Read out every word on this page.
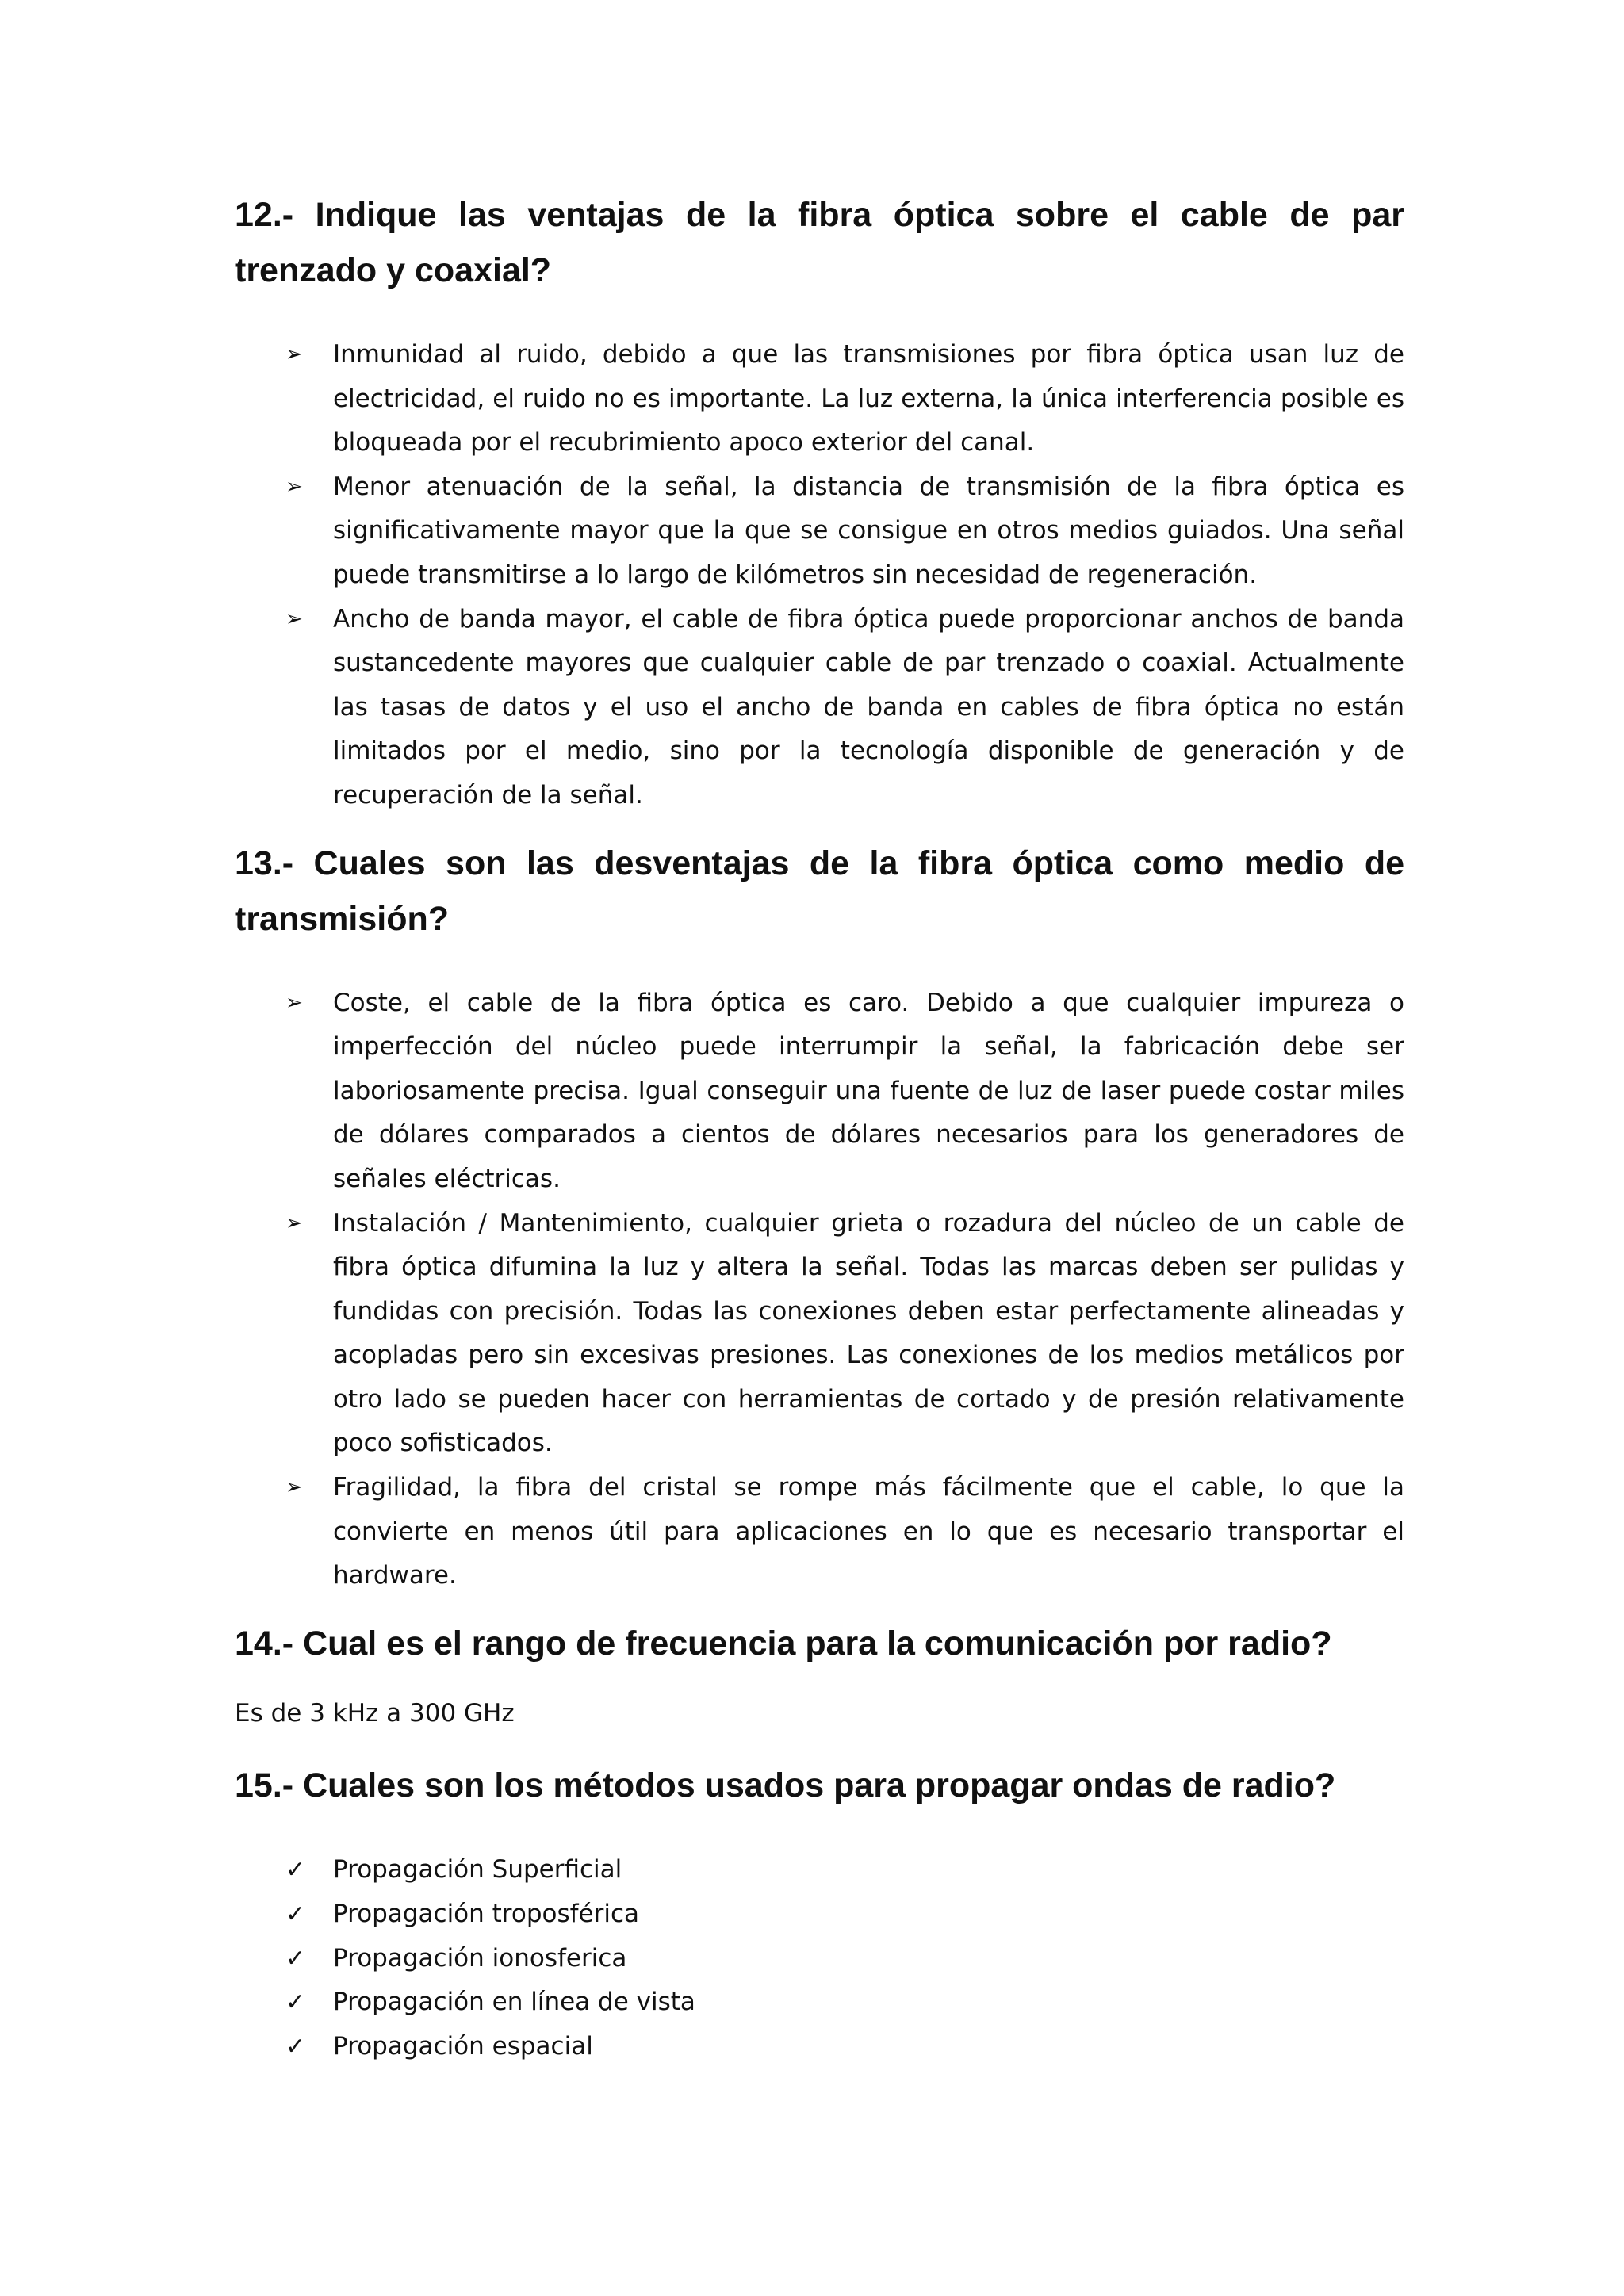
12.- Indique las ventajas de la fibra óptica sobre el cable de par trenzado y coaxial?
➢ Inmunidad al ruido, debido a que las transmisiones por fibra óptica usan luz de electricidad, el ruido no es importante. La luz externa, la única interferencia posible es bloqueada por el recubrimiento apoco exterior del canal.
➢ Menor atenuación de la señal, la distancia de transmisión de la fibra óptica es significativamente mayor que la que se consigue en otros medios guiados. Una señal puede transmitirse a lo largo de kilómetros sin necesidad de regeneración.
➢ Ancho de banda mayor, el cable de fibra óptica puede proporcionar anchos de banda sustancedente mayores que cualquier cable de par trenzado o coaxial. Actualmente las tasas de datos y el uso el ancho de banda en cables de fibra óptica no están limitados por el medio, sino por la tecnología disponible de generación y de recuperación de la señal.
13.- Cuales son las desventajas de la fibra óptica como medio de transmisión?
➢ Coste, el cable de la fibra óptica es caro. Debido a que cualquier impureza o imperfección del núcleo puede interrumpir la señal, la fabricación debe ser laboriosamente precisa. Igual conseguir una fuente de luz de laser puede costar miles de dólares comparados a cientos de dólares necesarios para los generadores de señales eléctricas.
➢ Instalación / Mantenimiento, cualquier grieta o rozadura del núcleo de un cable de fibra óptica difumina la luz y altera la señal. Todas las marcas deben ser pulidas y fundidas con precisión. Todas las conexiones deben estar perfectamente alineadas y acopladas pero sin excesivas presiones. Las conexiones de los medios metálicos por otro lado se pueden hacer con herramientas de cortado y de presión relativamente poco sofisticados.
➢ Fragilidad, la fibra del cristal se rompe más fácilmente que el cable, lo que la convierte en menos útil para aplicaciones en lo que es necesario transportar el hardware.
14.- Cual es el rango de frecuencia para la comunicación por radio?

Es de 3 kHz a 300 GHz

15.- Cuales son los métodos usados para propagar ondas de radio?
✓ Propagación Superficial
✓ Propagación troposférica
✓ Propagación ionosferica
✓ Propagación en línea de vista
✓ Propagación espacial
